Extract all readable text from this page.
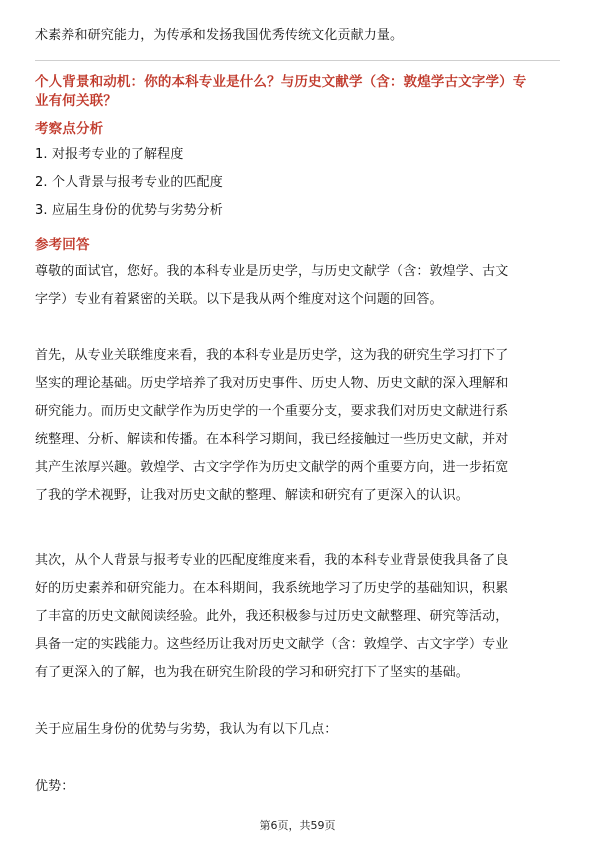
术素养和研究能力，为传承和发扬我国优秀传统文化贡献力量。
个人背景和动机：你的本科专业是什么？与历史文献学（含：敦煌学古文字学）专
业有何关联？
考察点分析
1. 对报考专业的了解程度
2. 个人背景与报考专业的匹配度
3. 应届生身份的优势与劣势分析
参考回答
尊敬的面试官，您好。我的本科专业是历史学，与历史文献学（含：敦煌学、古文
字学）专业有着紧密的关联。以下是我从两个维度对这个问题的回答。
首先，从专业关联维度来看，我的本科专业是历史学，这为我的研究生学习打下了
坚实的理论基础。历史学培养了我对历史事件、历史人物、历史文献的深入理解和
研究能力。而历史文献学作为历史学的一个重要分支，要求我们对历史文献进行系
统整理、分析、解读和传播。在本科学习期间，我已经接触过一些历史文献，并对
其产生浓厚兴趣。敦煌学、古文字学作为历史文献学的两个重要方向，进一步拓宽
了我的学术视野，让我对历史文献的整理、解读和研究有了更深入的认识。
其次，从个人背景与报考专业的匹配度维度来看，我的本科专业背景使我具备了良
好的历史素养和研究能力。在本科期间，我系统地学习了历史学的基础知识，积累
了丰富的历史文献阅读经验。此外，我还积极参与过历史文献整理、研究等活动，
具备一定的实践能力。这些经历让我对历史文献学（含：敦煌学、古文字学）专业
有了更深入的了解，也为我在研究生阶段的学习和研究打下了坚实的基础。
关于应届生身份的优势与劣势，我认为有以下几点：
优势：
第6页，共59页
